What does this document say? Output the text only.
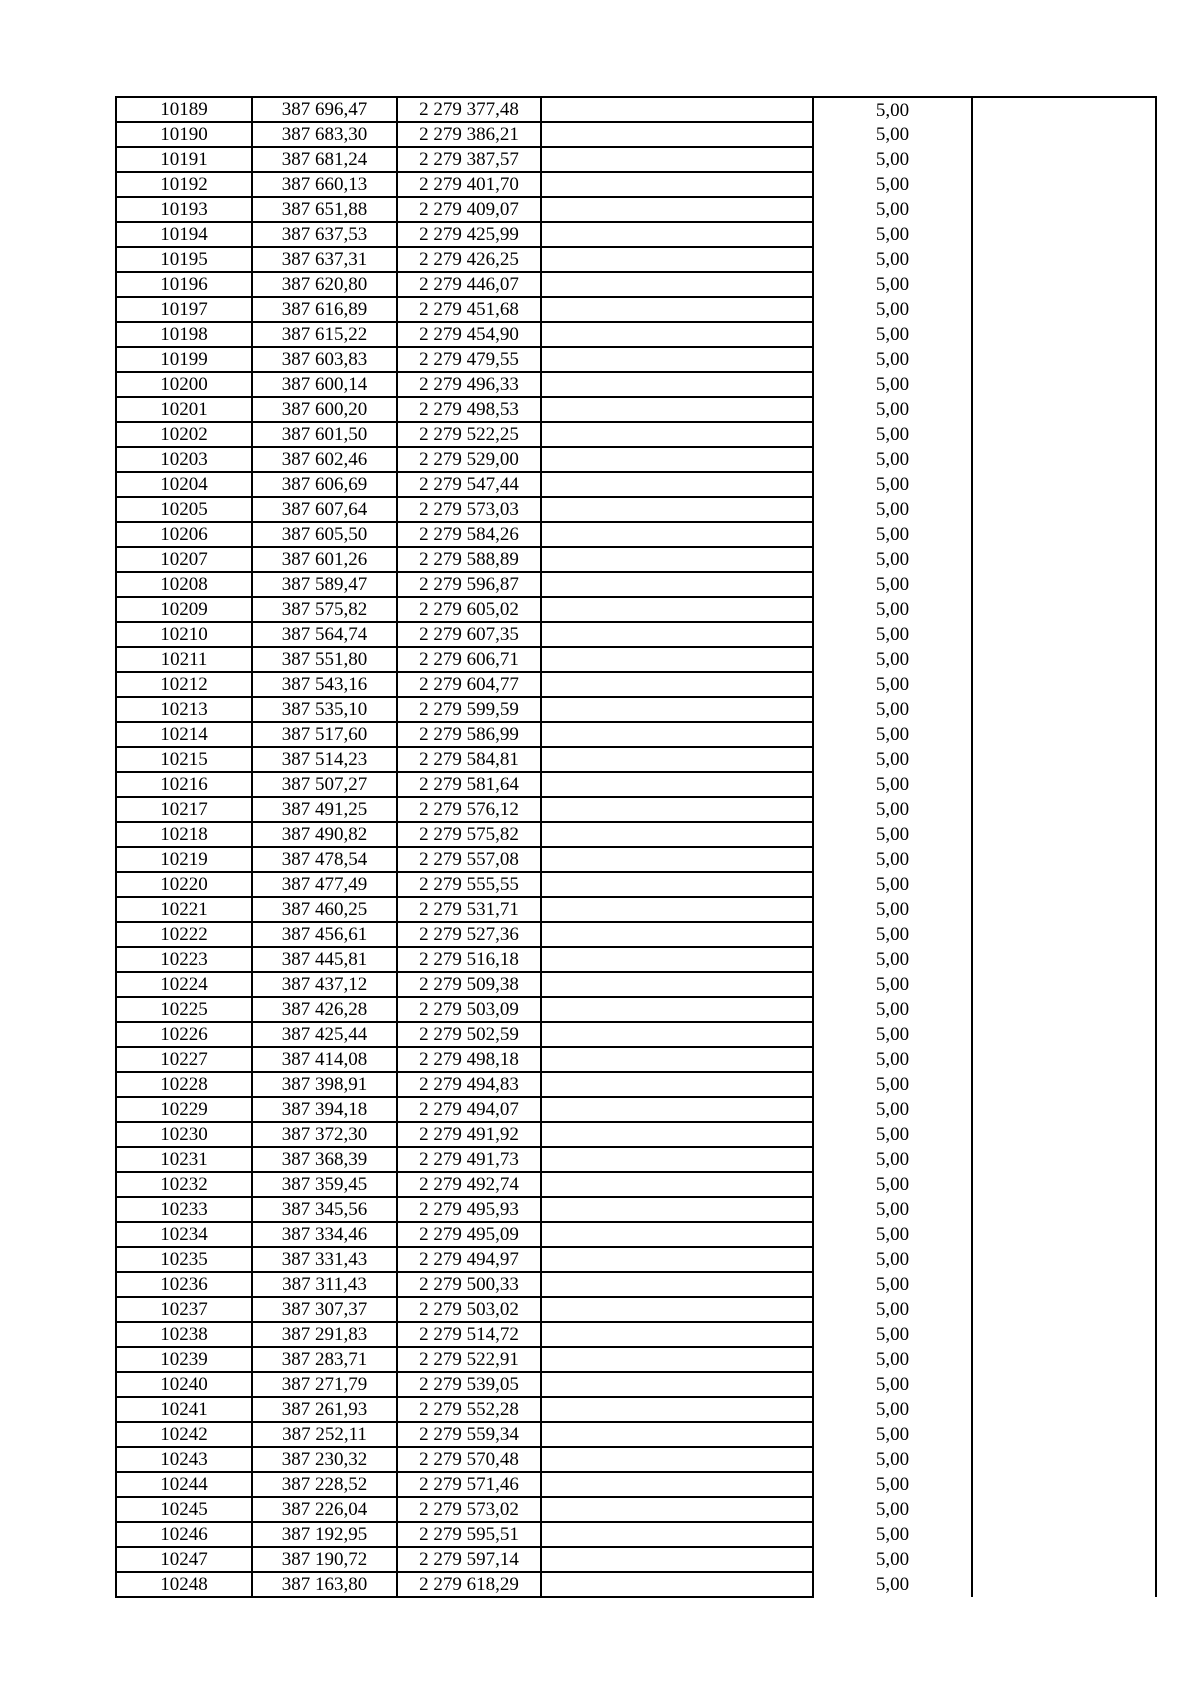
10189	387 696,47	2 279 377,48		5,00	
10190	387 683,30	2 279 386,21		5,00	
10191	387 681,24	2 279 387,57		5,00	
10192	387 660,13	2 279 401,70		5,00	
10193	387 651,88	2 279 409,07		5,00	
10194	387 637,53	2 279 425,99		5,00	
10195	387 637,31	2 279 426,25		5,00	
10196	387 620,80	2 279 446,07		5,00	
10197	387 616,89	2 279 451,68		5,00	
10198	387 615,22	2 279 454,90		5,00	
10199	387 603,83	2 279 479,55		5,00	
10200	387 600,14	2 279 496,33		5,00	
10201	387 600,20	2 279 498,53		5,00	
10202	387 601,50	2 279 522,25		5,00	
10203	387 602,46	2 279 529,00		5,00	
10204	387 606,69	2 279 547,44		5,00	
10205	387 607,64	2 279 573,03		5,00	
10206	387 605,50	2 279 584,26		5,00	
10207	387 601,26	2 279 588,89		5,00	
10208	387 589,47	2 279 596,87		5,00	
10209	387 575,82	2 279 605,02		5,00	
10210	387 564,74	2 279 607,35		5,00	
10211	387 551,80	2 279 606,71		5,00	
10212	387 543,16	2 279 604,77		5,00	
10213	387 535,10	2 279 599,59		5,00	
10214	387 517,60	2 279 586,99		5,00	
10215	387 514,23	2 279 584,81		5,00	
10216	387 507,27	2 279 581,64		5,00	
10217	387 491,25	2 279 576,12		5,00	
10218	387 490,82	2 279 575,82		5,00	
10219	387 478,54	2 279 557,08		5,00	
10220	387 477,49	2 279 555,55		5,00	
10221	387 460,25	2 279 531,71		5,00	
10222	387 456,61	2 279 527,36		5,00	
10223	387 445,81	2 279 516,18		5,00	
10224	387 437,12	2 279 509,38		5,00	
10225	387 426,28	2 279 503,09		5,00	
10226	387 425,44	2 279 502,59		5,00	
10227	387 414,08	2 279 498,18		5,00	
10228	387 398,91	2 279 494,83		5,00	
10229	387 394,18	2 279 494,07		5,00	
10230	387 372,30	2 279 491,92		5,00	
10231	387 368,39	2 279 491,73		5,00	
10232	387 359,45	2 279 492,74		5,00	
10233	387 345,56	2 279 495,93		5,00	
10234	387 334,46	2 279 495,09		5,00	
10235	387 331,43	2 279 494,97		5,00	
10236	387 311,43	2 279 500,33		5,00	
10237	387 307,37	2 279 503,02		5,00	
10238	387 291,83	2 279 514,72		5,00	
10239	387 283,71	2 279 522,91		5,00	
10240	387 271,79	2 279 539,05		5,00	
10241	387 261,93	2 279 552,28		5,00	
10242	387 252,11	2 279 559,34		5,00	
10243	387 230,32	2 279 570,48		5,00	
10244	387 228,52	2 279 571,46		5,00	
10245	387 226,04	2 279 573,02		5,00	
10246	387 192,95	2 279 595,51		5,00	
10247	387 190,72	2 279 597,14		5,00	
10248	387 163,80	2 279 618,29		5,00	
